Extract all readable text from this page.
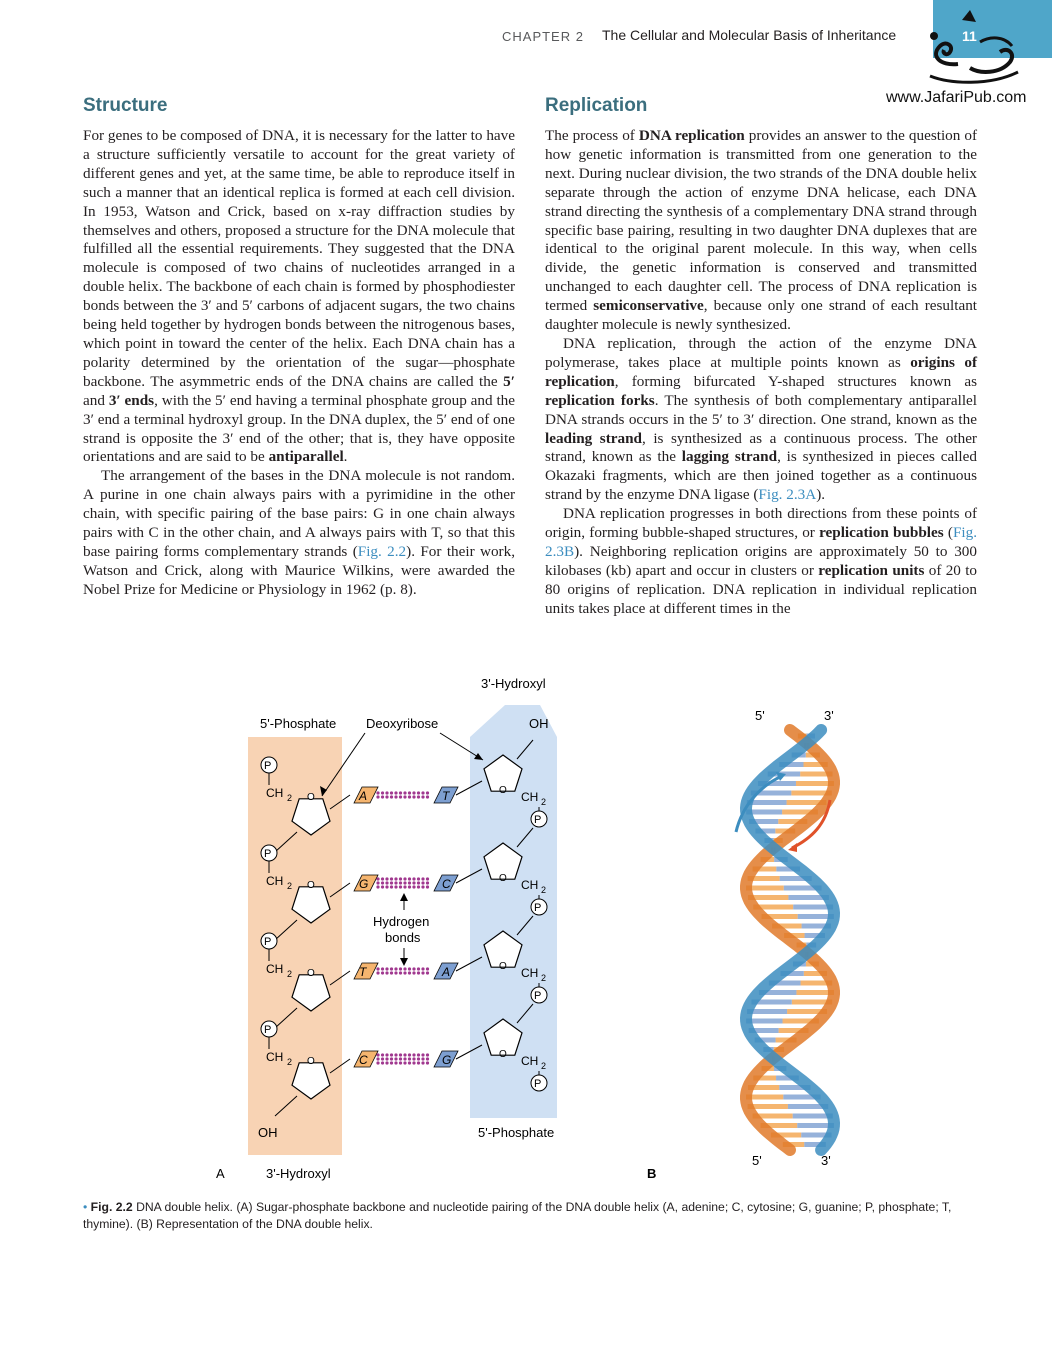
CHAPTER 2 The Cellular and Molecular Basis of Inheritance	11
www.JafariPub.com
Structure

For genes to be composed of DNA, it is necessary for the latter to have a structure sufficiently versatile to account for the great variety of different genes and yet, at the same time, be able to reproduce itself in such a manner that an identical replica is formed at each cell division. In 1953, Watson and Crick, based on x-ray diffraction studies by themselves and others, proposed a structure for the DNA molecule that fulfilled all the essential requirements. They suggested that the DNA molecule is composed of two chains of nucleotides arranged in a double helix. The backbone of each chain is formed by phosphodiester bonds between the 3′ and 5′ carbons of adjacent sugars, the two chains being held together by hydrogen bonds between the nitrogenous bases, which point in toward the center of the helix. Each DNA chain has a polarity determined by the orientation of the sugar—phosphate backbone. The asymmetric ends of the DNA chains are called the 5′ and 3′ ends, with the 5′ end having a terminal phosphate group and the 3′ end a terminal hydroxyl group. In the DNA duplex, the 5′ end of one strand is opposite the 3′ end of the other; that is, they have opposite orientations and are said to be antiparallel.

The arrangement of the bases in the DNA molecule is not random. A purine in one chain always pairs with a pyrimidine in the other chain, with specific pairing of the base pairs: G in one chain always pairs with C in the other chain, and A always pairs with T, so that this base pairing forms complementary strands (Fig. 2.2). For their work, Watson and Crick, along with Maurice Wilkins, were awarded the Nobel Prize for Medicine or Physiology in 1962 (p. 8).

Replication

The process of DNA replication provides an answer to the question of how genetic information is transmitted from one generation to the next. During nuclear division, the two strands of the DNA double helix separate through the action of enzyme DNA helicase, each DNA strand directing the synthesis of a complementary DNA strand through specific base pairing, resulting in two daughter DNA duplexes that are identical to the original parent molecule. In this way, when cells divide, the genetic information is conserved and transmitted unchanged to each daughter cell. The process of DNA replication is termed semiconservative, because only one strand of each resultant daughter molecule is newly synthesized.

DNA replication, through the action of the enzyme DNA polymerase, takes place at multiple points known as origins of replication, forming bifurcated Y-shaped structures known as replication forks. The synthesis of both complementary antiparallel DNA strands occurs in the 5′ to 3′ direction. One strand, known as the leading strand, is synthesized as a continuous process. The other strand, known as the lagging strand, is synthesized in pieces called Okazaki fragments, which are then joined together as a continuous strand by the enzyme DNA ligase (Fig. 2.3A).

DNA replication progresses in both directions from these points of origin, forming bubble-shaped structures, or replication bubbles (Fig. 2.3B). Neighboring replication origins are approximately 50 to 300 kilobases (kb) apart and occur in clusters or replication units of 20 to 80 origins of replication. DNA replication in individual replication units takes place at different times in the

3'-Hydroxyl
5'-Phosphate Deoxyribose	OH
Hydrogen
bonds
OH	5'-Phosphate
3'-Hydroxyl
A	B
P
CH 2 O	A	T	O CH 2
P
P
CH 2 O	G	C	O CH 2
P
P
CH 2 O	T	A	O CH 2
P
P
CH 2 O	C	G	O CH 2
P
5'	3'
5'	3'
• Fig. 2.2 DNA double helix. (A) Sugar-phosphate backbone and nucleotide pairing of the DNA double helix (A, adenine; C, cytosine; G, guanine; P, phosphate; T, thymine). (B) Representation of the DNA double helix.
